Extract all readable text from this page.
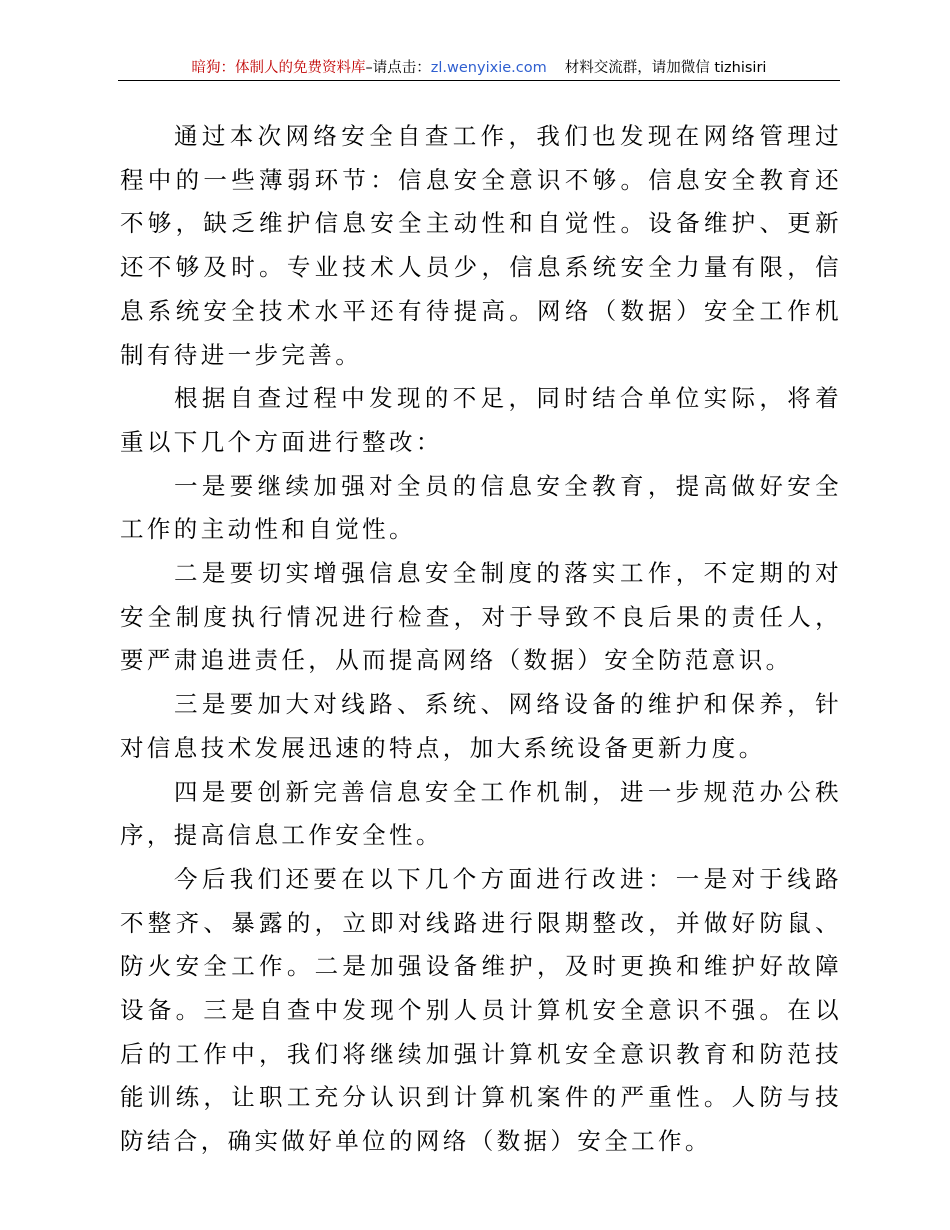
暗狗：体制人的免费资料库–请点击：zl.wenyixie.com 材料交流群，请加微信 tizhisiri

通过本次网络安全自查工作，我们也发现在网络管理过程中的一些薄弱环节：信息安全意识不够。信息安全教育还不够，缺乏维护信息安全主动性和自觉性。设备维护、更新还不够及时。专业技术人员少，信息系统安全力量有限，信息系统安全技术水平还有待提高。网络（数据）安全工作机制有待进一步完善。

根据自查过程中发现的不足，同时结合单位实际，将着重以下几个方面进行整改：

一是要继续加强对全员的信息安全教育，提高做好安全工作的主动性和自觉性。

二是要切实增强信息安全制度的落实工作，不定期的对安全制度执行情况进行检查，对于导致不良后果的责任人，要严肃追进责任，从而提高网络（数据）安全防范意识。

三是要加大对线路、系统、网络设备的维护和保养，针对信息技术发展迅速的特点，加大系统设备更新力度。

四是要创新完善信息安全工作机制，进一步规范办公秩序，提高信息工作安全性。

今后我们还要在以下几个方面进行改进：一是对于线路不整齐、暴露的，立即对线路进行限期整改，并做好防鼠、防火安全工作。二是加强设备维护，及时更换和维护好故障设备。三是自查中发现个别人员计算机安全意识不强。在以后的工作中，我们将继续加强计算机安全意识教育和防范技能训练，让职工充分认识到计算机案件的严重性。人防与技防结合，确实做好单位的网络（数据）安全工作。
